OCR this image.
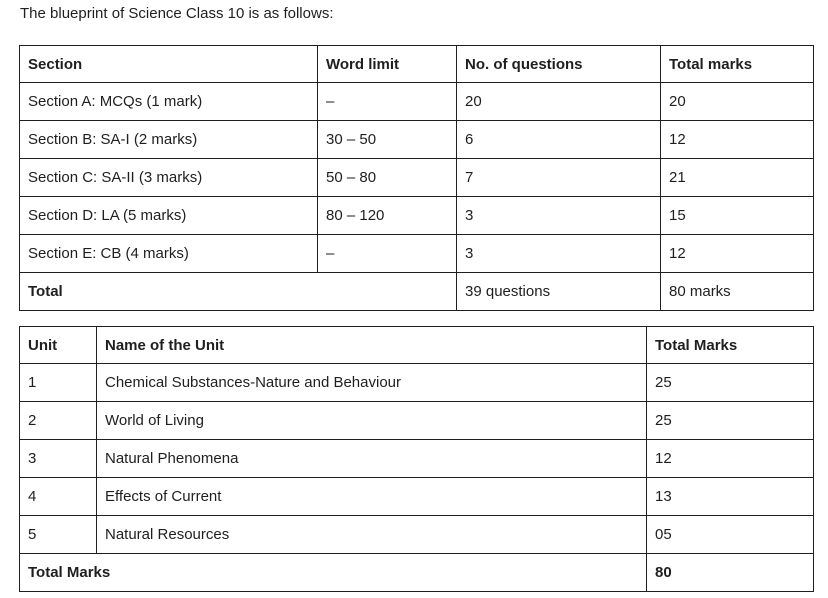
The blueprint of Science Class 10 is as follows:

Section	Word limit	No. of questions	Total marks
Section A: MCQs (1 mark)	–	20	20
Section B: SA-I (2 marks)	30 – 50	6	12
Section C: SA-II (3 marks)	50 – 80	7	21
Section D: LA (5 marks)	80 – 120	3	15
Section E: CB (4 marks)	–	3	12
Total		39 questions	80 marks
Unit	Name of the Unit	Total Marks
1	Chemical Substances-Nature and Behaviour	25
2	World of Living	25
3	Natural Phenomena	12
4	Effects of Current	13
5	Natural Resources	05
Total Marks		80
